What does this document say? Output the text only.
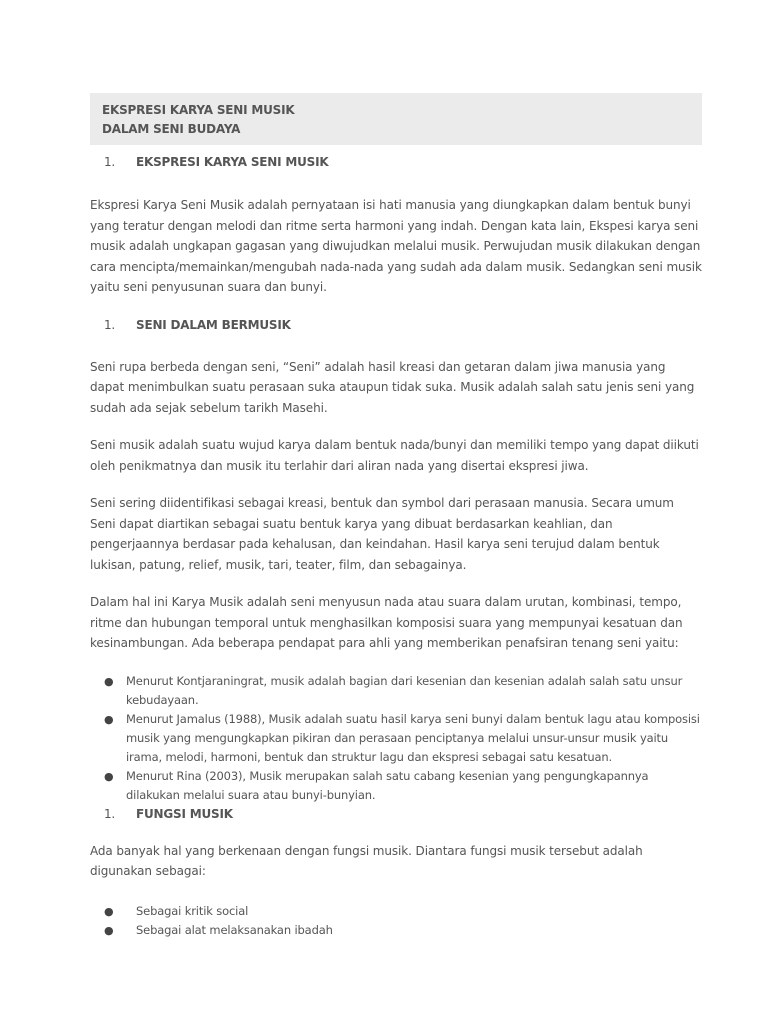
EKSPRESI KARYA SENI MUSIK
DALAM SENI BUDAYA
1.	EKSPRESI KARYA SENI MUSIK

Ekspresi Karya Seni Musik adalah pernyataan isi hati manusia yang diungkapkan dalam bentuk bunyi yang teratur dengan melodi dan ritme serta harmoni yang indah. Dengan kata lain, Ekspesi karya seni musik adalah ungkapan gagasan yang diwujudkan melalui musik. Perwujudan musik dilakukan dengan cara mencipta/memainkan/mengubah nada-nada yang sudah ada dalam musik. Sedangkan seni musik yaitu seni penyusunan suara dan bunyi.

1.	SENI DALAM BERMUSIK

Seni rupa berbeda dengan seni, “Seni” adalah hasil kreasi dan getaran dalam jiwa manusia yang dapat menimbulkan suatu perasaan suka ataupun tidak suka. Musik adalah salah satu jenis seni yang sudah ada sejak sebelum tarikh Masehi.

Seni musik adalah suatu wujud karya dalam bentuk nada/bunyi dan memiliki tempo yang dapat diikuti oleh penikmatnya dan musik itu terlahir dari aliran nada yang disertai ekspresi jiwa.

Seni sering diidentifikasi sebagai kreasi, bentuk dan symbol dari perasaan manusia. Secara umum Seni dapat diartikan sebagai suatu bentuk karya yang dibuat berdasarkan keahlian, dan pengerjaannya berdasar pada kehalusan, dan keindahan. Hasil karya seni terujud dalam bentuk lukisan, patung, relief, musik, tari, teater, film, dan sebagainya.

Dalam hal ini Karya Musik adalah seni menyusun nada atau suara dalam urutan, kombinasi, tempo, ritme dan hubungan temporal untuk menghasilkan komposisi suara yang mempunyai kesatuan dan kesinambungan. Ada beberapa pendapat para ahli yang memberikan penafsiran tenang seni yaitu:

● Menurut Kontjaraningrat, musik adalah bagian dari kesenian dan kesenian adalah salah satu unsur kebudayaan.
● Menurut Jamalus (1988), Musik adalah suatu hasil karya seni bunyi dalam bentuk lagu atau komposisi musik yang mengungkapkan pikiran dan perasaan penciptanya melalui unsur-unsur musik yaitu irama, melodi, harmoni, bentuk dan struktur lagu dan ekspresi sebagai satu kesatuan.
● Menurut Rina (2003), Musik merupakan salah satu cabang kesenian yang pengungkapannya dilakukan melalui suara atau bunyi-bunyian.
1.	FUNGSI MUSIK

Ada banyak hal yang berkenaan dengan fungsi musik. Diantara fungsi musik tersebut adalah digunakan sebagai:

● Sebagai kritik social
● Sebagai alat melaksanakan ibadah
